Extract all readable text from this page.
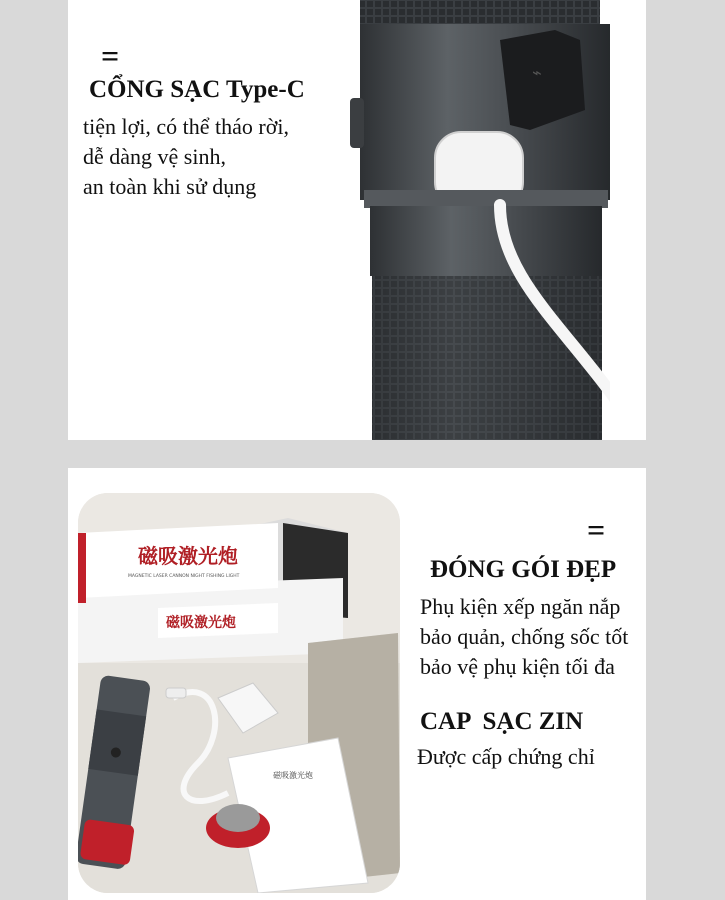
⌁
=
CỔNG SẠC Type-C
tiện lợi, có thể tháo rời,
dễ dàng vệ sinh,
an toàn khi sử dụng
磁吸激光炮
MAGNETIC LASER CANNON NIGHT FISHING LIGHT
磁吸激光炮
磁吸激光炮
=
ĐÓNG GÓI ĐẸP
Phụ kiện xếp ngăn nắp
bảo quản, chống sốc tốt
bảo vệ phụ kiện tối đa
CAP  SẠC ZIN
Được cấp chứng chỉ
